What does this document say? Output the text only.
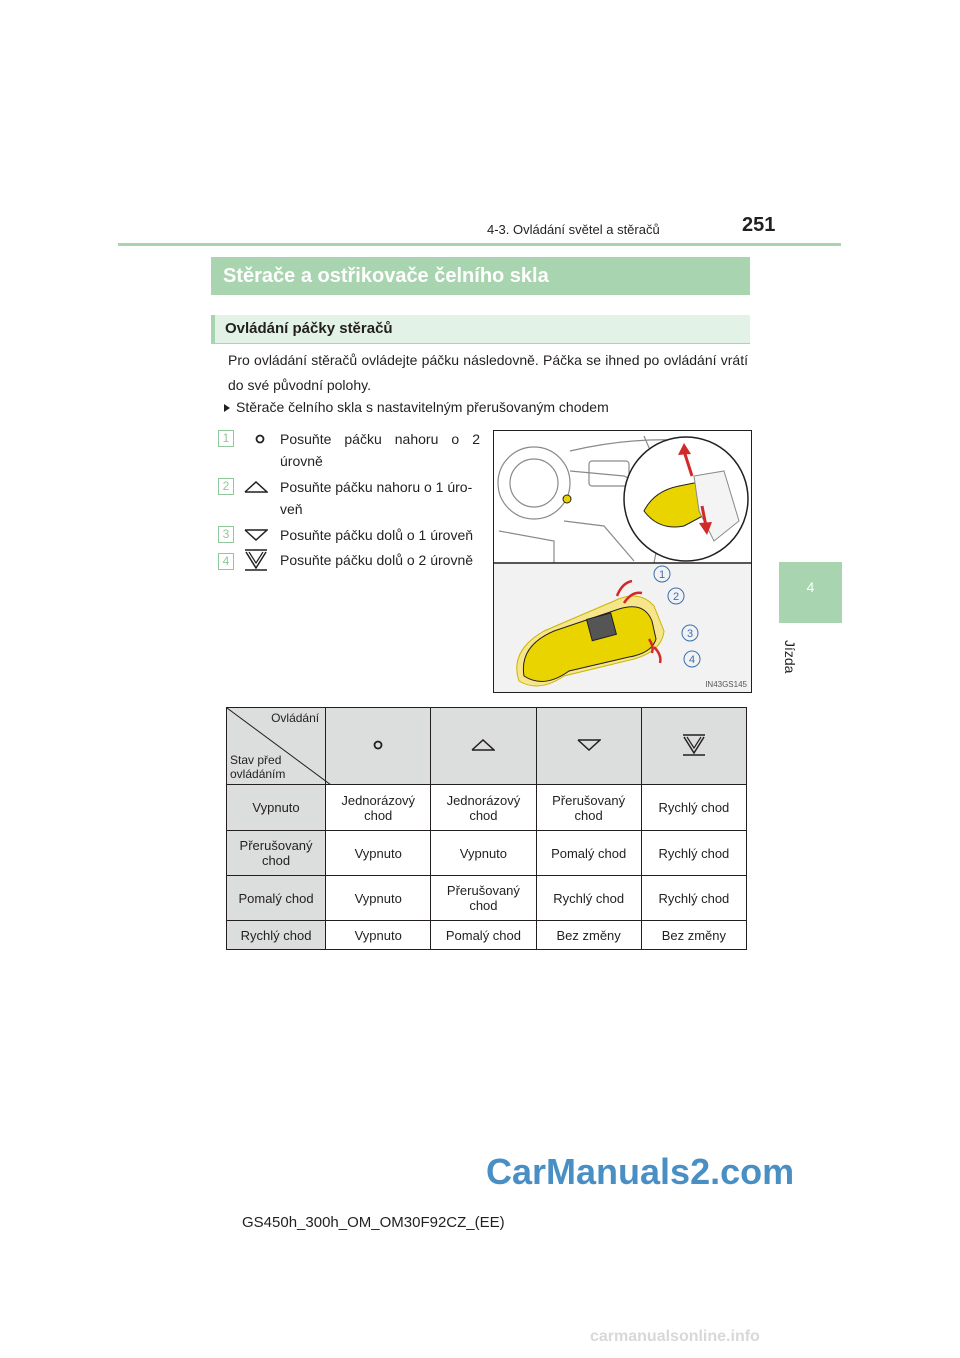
4-3. Ovládání světel a stěračů	251
4
Jízda
Stěrače a ostřikovače čelního skla
Ovládání páčky stěračů
Pro ovládání stěračů ovládejte páčku následovně. Páčka se ihned po ovládání vrátí do své původní polohy.
Stěrače čelního skla s nastavitelným přerušovaným chodem
1	Posuňte páčku nahoru o 2 úrovně
2	Posuňte páčku nahoru o 1 úro-veň
3	Posuňte páčku dolů o 1 úroveň
4	Posuňte páčku dolů o 2 úrovně
1
2
3
4
IN43GS145
Ovládání
Stav před ovládáním

Vypnuto	Jednorázový chod	Jednorázový chod	Přerušovaný chod	Rychlý chod
Přerušovaný chod	Vypnuto	Vypnuto	Pomalý chod	Rychlý chod
Pomalý chod	Vypnuto	Přerušovaný chod	Rychlý chod	Rychlý chod
Rychlý chod	Vypnuto	Pomalý chod	Bez změny	Bez změny
CarManuals2.com
GS450h_300h_OM_OM30F92CZ_(EE)
carmanualsonline.info
